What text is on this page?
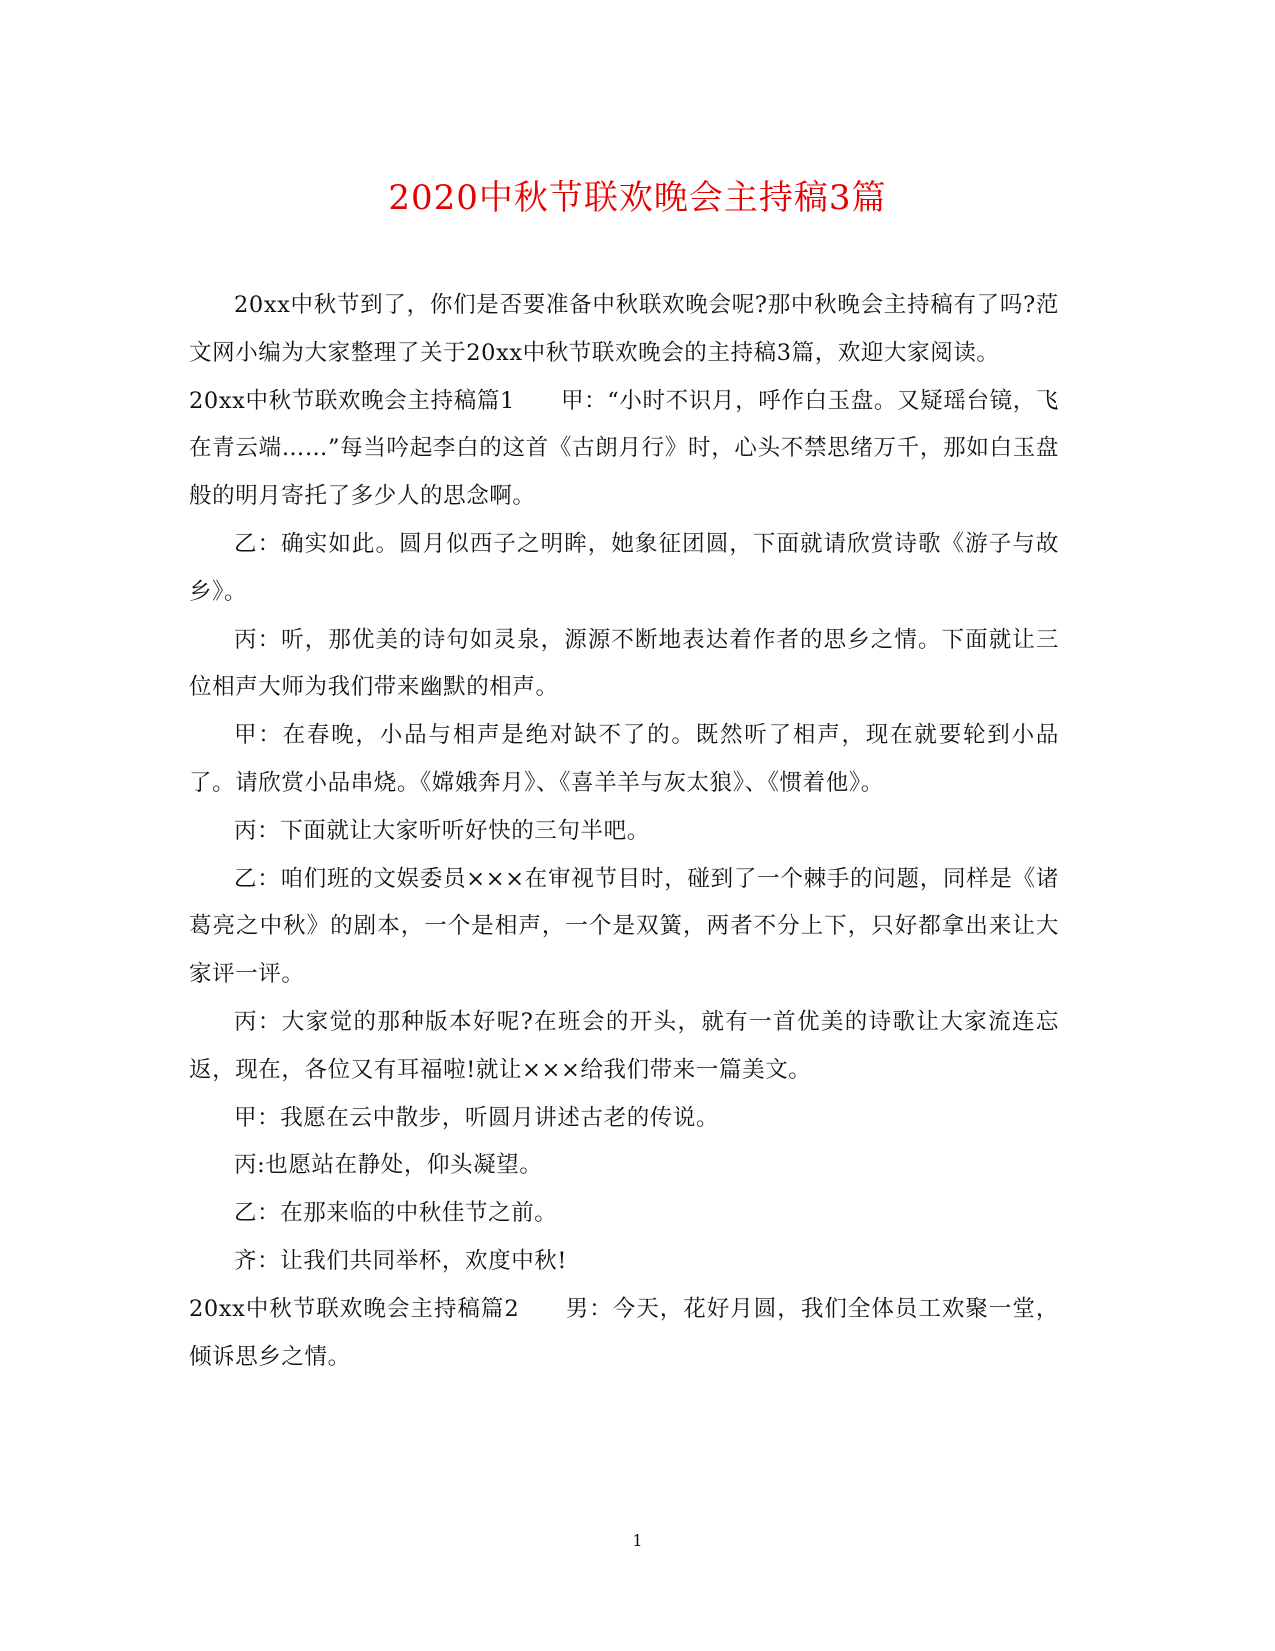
2020中秋节联欢晚会主持稿3篇

20xx中秋节到了，你们是否要准备中秋联欢晚会呢?那中秋晚会主持稿有了吗?范文网小编为大家整理了关于20xx中秋节联欢晚会的主持稿3篇，欢迎大家阅读。

20xx中秋节联欢晚会主持稿篇1 甲：“小时不识月，呼作白玉盘。又疑瑶台镜，飞在青云端……”每当吟起李白的这首《古朗月行》时，心头不禁思绪万千，那如白玉盘般的明月寄托了多少人的思念啊。

乙：确实如此。圆月似西子之明眸，她象征团圆，下面就请欣赏诗歌《游子与故乡》。

丙：听，那优美的诗句如灵泉，源源不断地表达着作者的思乡之情。下面就让三位相声大师为我们带来幽默的相声。

甲：在春晚，小品与相声是绝对缺不了的。既然听了相声，现在就要轮到小品了。请欣赏小品串烧。《嫦娥奔月》、《喜羊羊与灰太狼》、《惯着他》。

丙：下面就让大家听听好快的三句半吧。

乙：咱们班的文娱委员×××在审视节目时，碰到了一个棘手的问题，同样是《诸葛亮之中秋》的剧本，一个是相声，一个是双簧，两者不分上下，只好都拿出来让大家评一评。

丙：大家觉的那种版本好呢?在班会的开头，就有一首优美的诗歌让大家流连忘返，现在，各位又有耳福啦!就让×××给我们带来一篇美文。

甲：我愿在云中散步，听圆月讲述古老的传说。

丙:也愿站在静处，仰头凝望。

乙：在那来临的中秋佳节之前。

齐：让我们共同举杯，欢度中秋!

20xx中秋节联欢晚会主持稿篇2 男：今天，花好月圆，我们全体员工欢聚一堂，倾诉思乡之情。

1
